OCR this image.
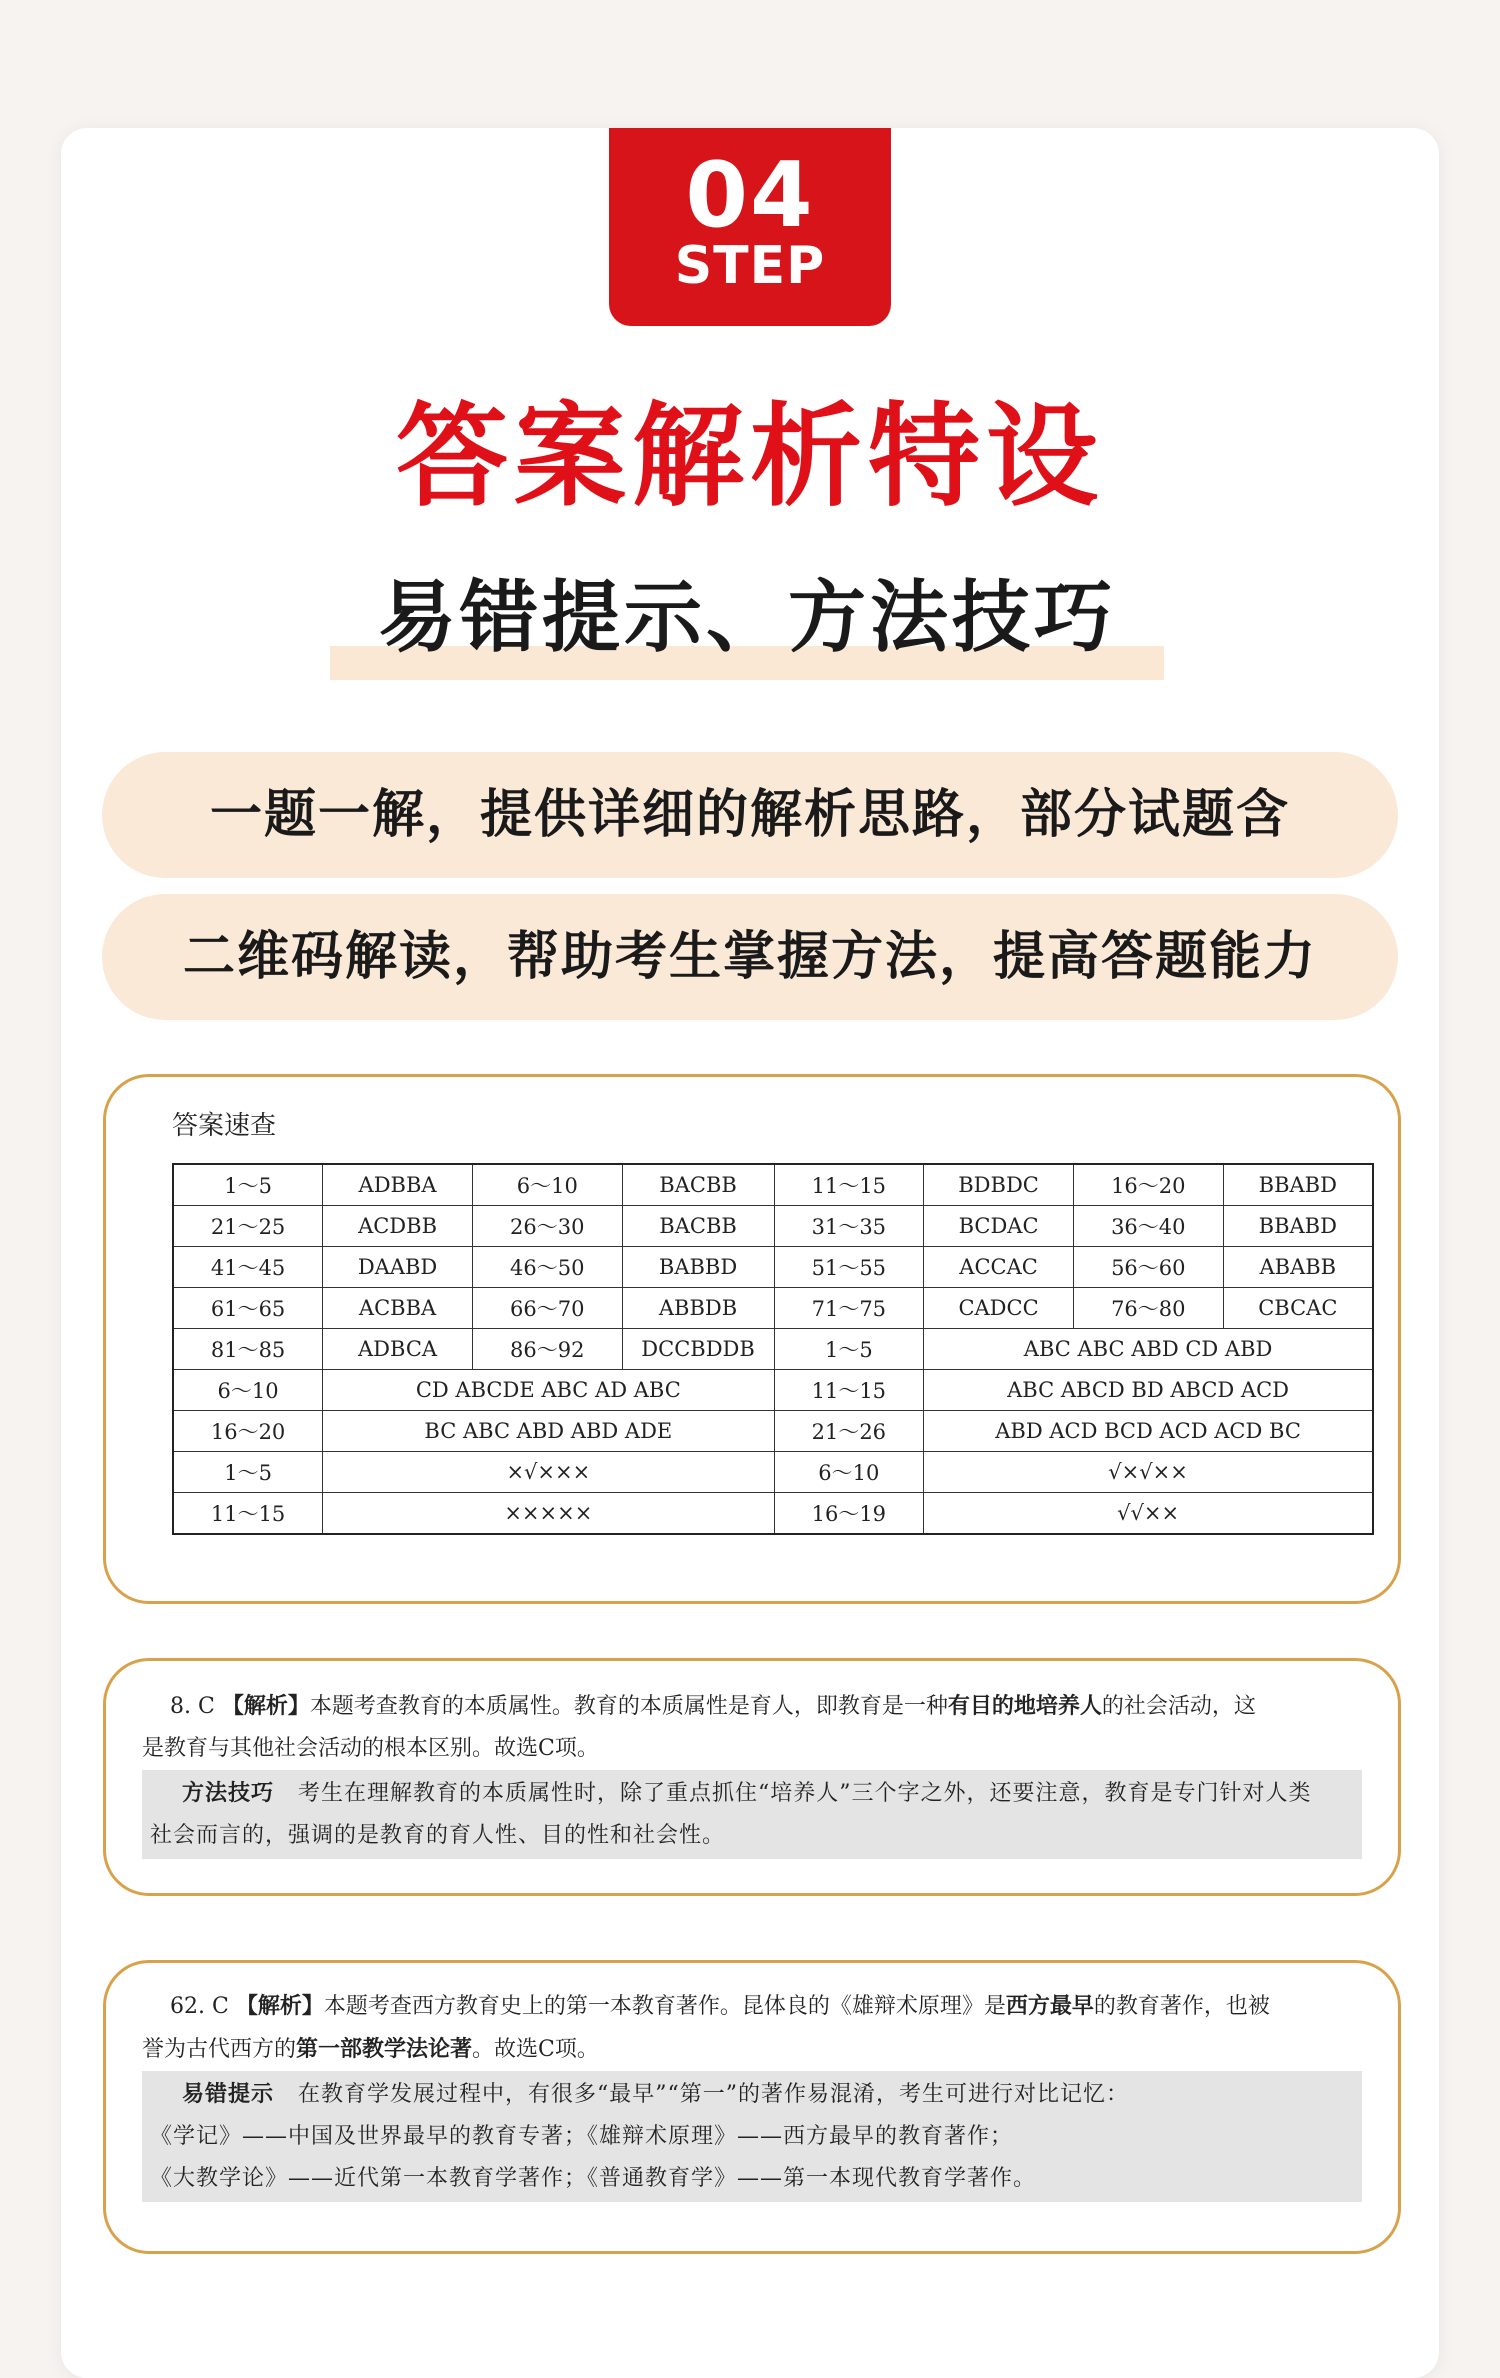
04
STEP
答案解析特设
易错提示、方法技巧
一题一解，提供详细的解析思路，部分试题含
二维码解读，帮助考生掌握方法，提高答题能力
答案速查
1～5	ADBBA	6～10	BACBB	11～15	BDBDC	16～20	BBABD
21～25	ACDBB	26～30	BACBB	31～35	BCDAC	36～40	BBABD
41～45	DAABD	46～50	BABBD	51～55	ACCAC	56～60	ABABB
61～65	ACBBA	66～70	ABBDB	71～75	CADCC	76～80	CBCAC
81～85	ADBCA	86～92	DCCBDDB	1～5	ABC ABC ABD CD ABD		
6～10	CD ABCDE ABC AD ABC			11～15	ABC ABCD BD ABCD ACD		
16～20	BC ABC ABD ABD ADE			21～26	ABD ACD BCD ACD ACD BC		
1～5	×√×××			6～10	√×√××		
11～15	×××××			16～19	√√××		

8. C 【解析】本题考查教育的本质属性。教育的本质属性是育人，即教育是一种有目的地培养人的社会活动，这

是教育与其他社会活动的根本区别。故选C项。

方法技巧 考生在理解教育的本质属性时，除了重点抓住“培养人”三个字之外，还要注意，教育是专门针对人类
社会而言的，强调的是教育的育人性、目的性和社会性。

62. C 【解析】本题考查西方教育史上的第一本教育著作。昆体良的《雄辩术原理》是西方最早的教育著作，也被

誉为古代西方的第一部教学法论著。故选C项。

易错提示 在教育学发展过程中，有很多“最早”“第一”的著作易混淆，考生可进行对比记忆：
《学记》——中国及世界最早的教育专著；《雄辩术原理》——西方最早的教育著作；
《大教学论》——近代第一本教育学著作；《普通教育学》——第一本现代教育学著作。
